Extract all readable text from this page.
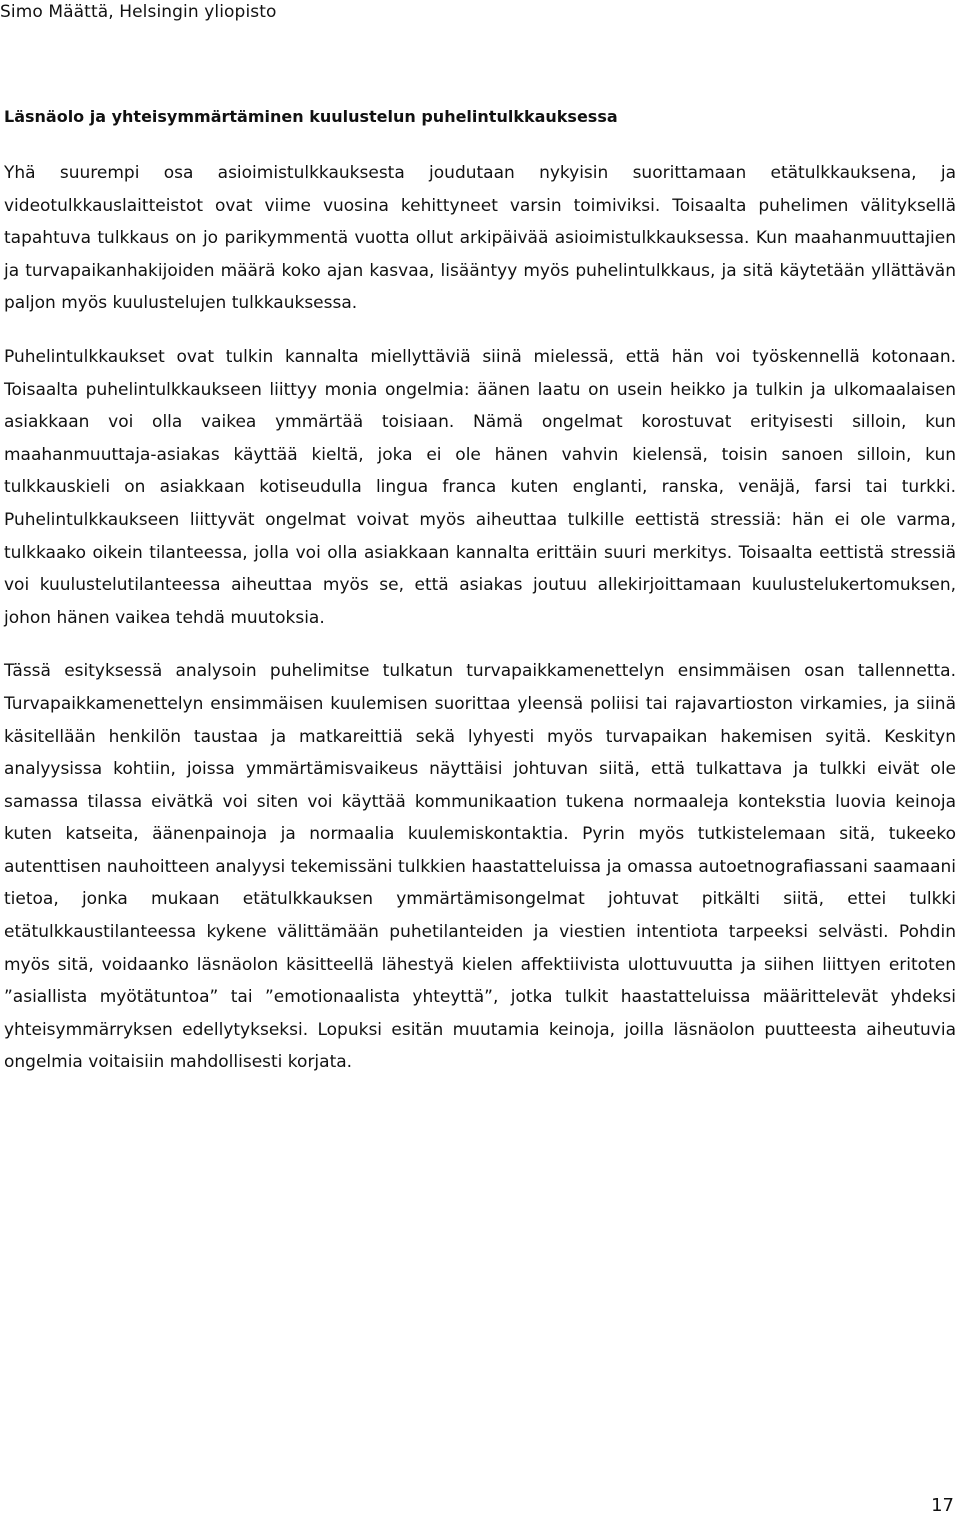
Simo Määttä, Helsingin yliopisto
Läsnäolo ja yhteisymmärtäminen kuulustelun puhelintulkkauksessa

Yhä suurempi osa asioimistulkkauksesta joudutaan nykyisin suorittamaan etätulkkauksena, ja videotulkkauslaitteistot ovat viime vuosina kehittyneet varsin toimiviksi. Toisaalta puhelimen välityksellä tapahtuva tulkkaus on jo parikymmentä vuotta ollut arkipäivää asioimistulkkauksessa. Kun maahanmuuttajien ja turvapaikanhakijoiden määrä koko ajan kasvaa, lisääntyy myös puhelintulkkaus, ja sitä käytetään yllättävän paljon myös kuulustelujen tulkkauksessa.

Puhelintulkkaukset ovat tulkin kannalta miellyttäviä siinä mielessä, että hän voi työskennellä kotonaan. Toisaalta puhelintulkkaukseen liittyy monia ongelmia: äänen laatu on usein heikko ja tulkin ja ulkomaalaisen asiakkaan voi olla vaikea ymmärtää toisiaan. Nämä ongelmat korostuvat erityisesti silloin, kun maahanmuuttaja-asiakas käyttää kieltä, joka ei ole hänen vahvin kielensä, toisin sanoen silloin, kun tulkkauskieli on asiakkaan kotiseudulla lingua franca kuten englanti, ranska, venäjä, farsi tai turkki. Puhelintulkkaukseen liittyvät ongelmat voivat myös aiheuttaa tulkille eettistä stressiä: hän ei ole varma, tulkkaako oikein tilanteessa, jolla voi olla asiakkaan kannalta erittäin suuri merkitys. Toisaalta eettistä stressiä voi kuulustelutilanteessa aiheuttaa myös se, että asiakas joutuu allekirjoittamaan kuulustelukertomuksen, johon hänen vaikea tehdä muutoksia.

Tässä esityksessä analysoin puhelimitse tulkatun turvapaikkamenettelyn ensimmäisen osan tallennetta. Turvapaikkamenettelyn ensimmäisen kuulemisen suorittaa yleensä poliisi tai rajavartioston virkamies, ja siinä käsitellään henkilön taustaa ja matkareittiä sekä lyhyesti myös turvapaikan hakemisen syitä. Keskityn analyysissa kohtiin, joissa ymmärtämisvaikeus näyttäisi johtuvan siitä, että tulkattava ja tulkki eivät ole samassa tilassa eivätkä voi siten voi käyttää kommunikaation tukena normaaleja kontekstia luovia keinoja kuten katseita, äänenpainoja ja normaalia kuulemiskontaktia. Pyrin myös tutkistelemaan sitä, tukeeko autenttisen nauhoitteen analyysi tekemissäni tulkkien haastatteluissa ja omassa autoetnografiassani saamaani tietoa, jonka mukaan etätulkkauksen ymmärtämisongelmat johtuvat pitkälti siitä, ettei tulkki etätulkkaustilanteessa kykene välittämään puhetilanteiden ja viestien intentiota tarpeeksi selvästi. Pohdin myös sitä, voidaanko läsnäolon käsitteellä lähestyä kielen affektiivista ulottuvuutta ja siihen liittyen eritoten ”asiallista myötätuntoa” tai ”emotionaalista yhteyttä”, jotka tulkit haastatteluissa määrittelevät yhdeksi yhteisymmärryksen edellytykseksi. Lopuksi esitän muutamia keinoja, joilla läsnäolon puutteesta aiheutuvia ongelmia voitaisiin mahdollisesti korjata.

17
